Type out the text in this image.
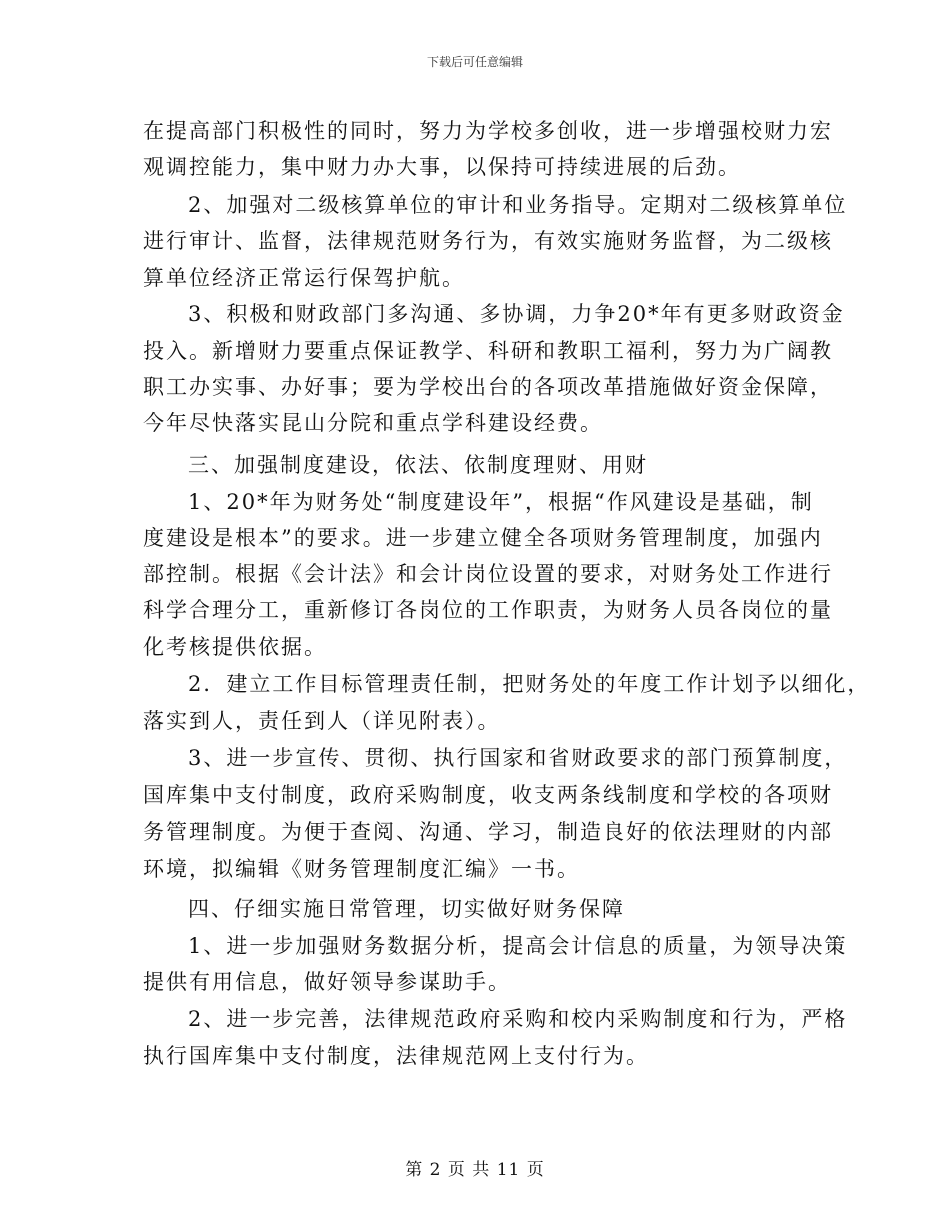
下载后可任意编辑
在提高部门积极性的同时，努力为学校多创收，进一步增强校财力宏
观调控能力，集中财力办大事，以保持可持续进展的后劲。
2、加强对二级核算单位的审计和业务指导。定期对二级核算单位
进行审计、监督，法律规范财务行为，有效实施财务监督，为二级核
算单位经济正常运行保驾护航。
3、积极和财政部门多沟通、多协调，力争20*年有更多财政资金
投入。新增财力要重点保证教学、科研和教职工福利，努力为广阔教
职工办实事、办好事；要为学校出台的各项改革措施做好资金保障，
今年尽快落实昆山分院和重点学科建设经费。
三、加强制度建设，依法、依制度理财、用财
1、20*年为财务处“制度建设年”，根据“作风建设是基础，制
度建设是根本”的要求。进一步建立健全各项财务管理制度，加强内
部控制。根据《会计法》和会计岗位设置的要求，对财务处工作进行
科学合理分工，重新修订各岗位的工作职责，为财务人员各岗位的量
化考核提供依据。
2．建立工作目标管理责任制，把财务处的年度工作计划予以细化，
落实到人，责任到人（详见附表）。
3、进一步宣传、贯彻、执行国家和省财政要求的部门预算制度，
国库集中支付制度，政府采购制度，收支两条线制度和学校的各项财
务管理制度。为便于查阅、沟通、学习，制造良好的依法理财的内部
环境，拟编辑《财务管理制度汇编》一书。
四、仔细实施日常管理，切实做好财务保障
1、进一步加强财务数据分析，提高会计信息的质量，为领导决策
提供有用信息，做好领导参谋助手。
2、进一步完善，法律规范政府采购和校内采购制度和行为，严格
执行国库集中支付制度，法律规范网上支付行为。
第 2 页 共 11 页
